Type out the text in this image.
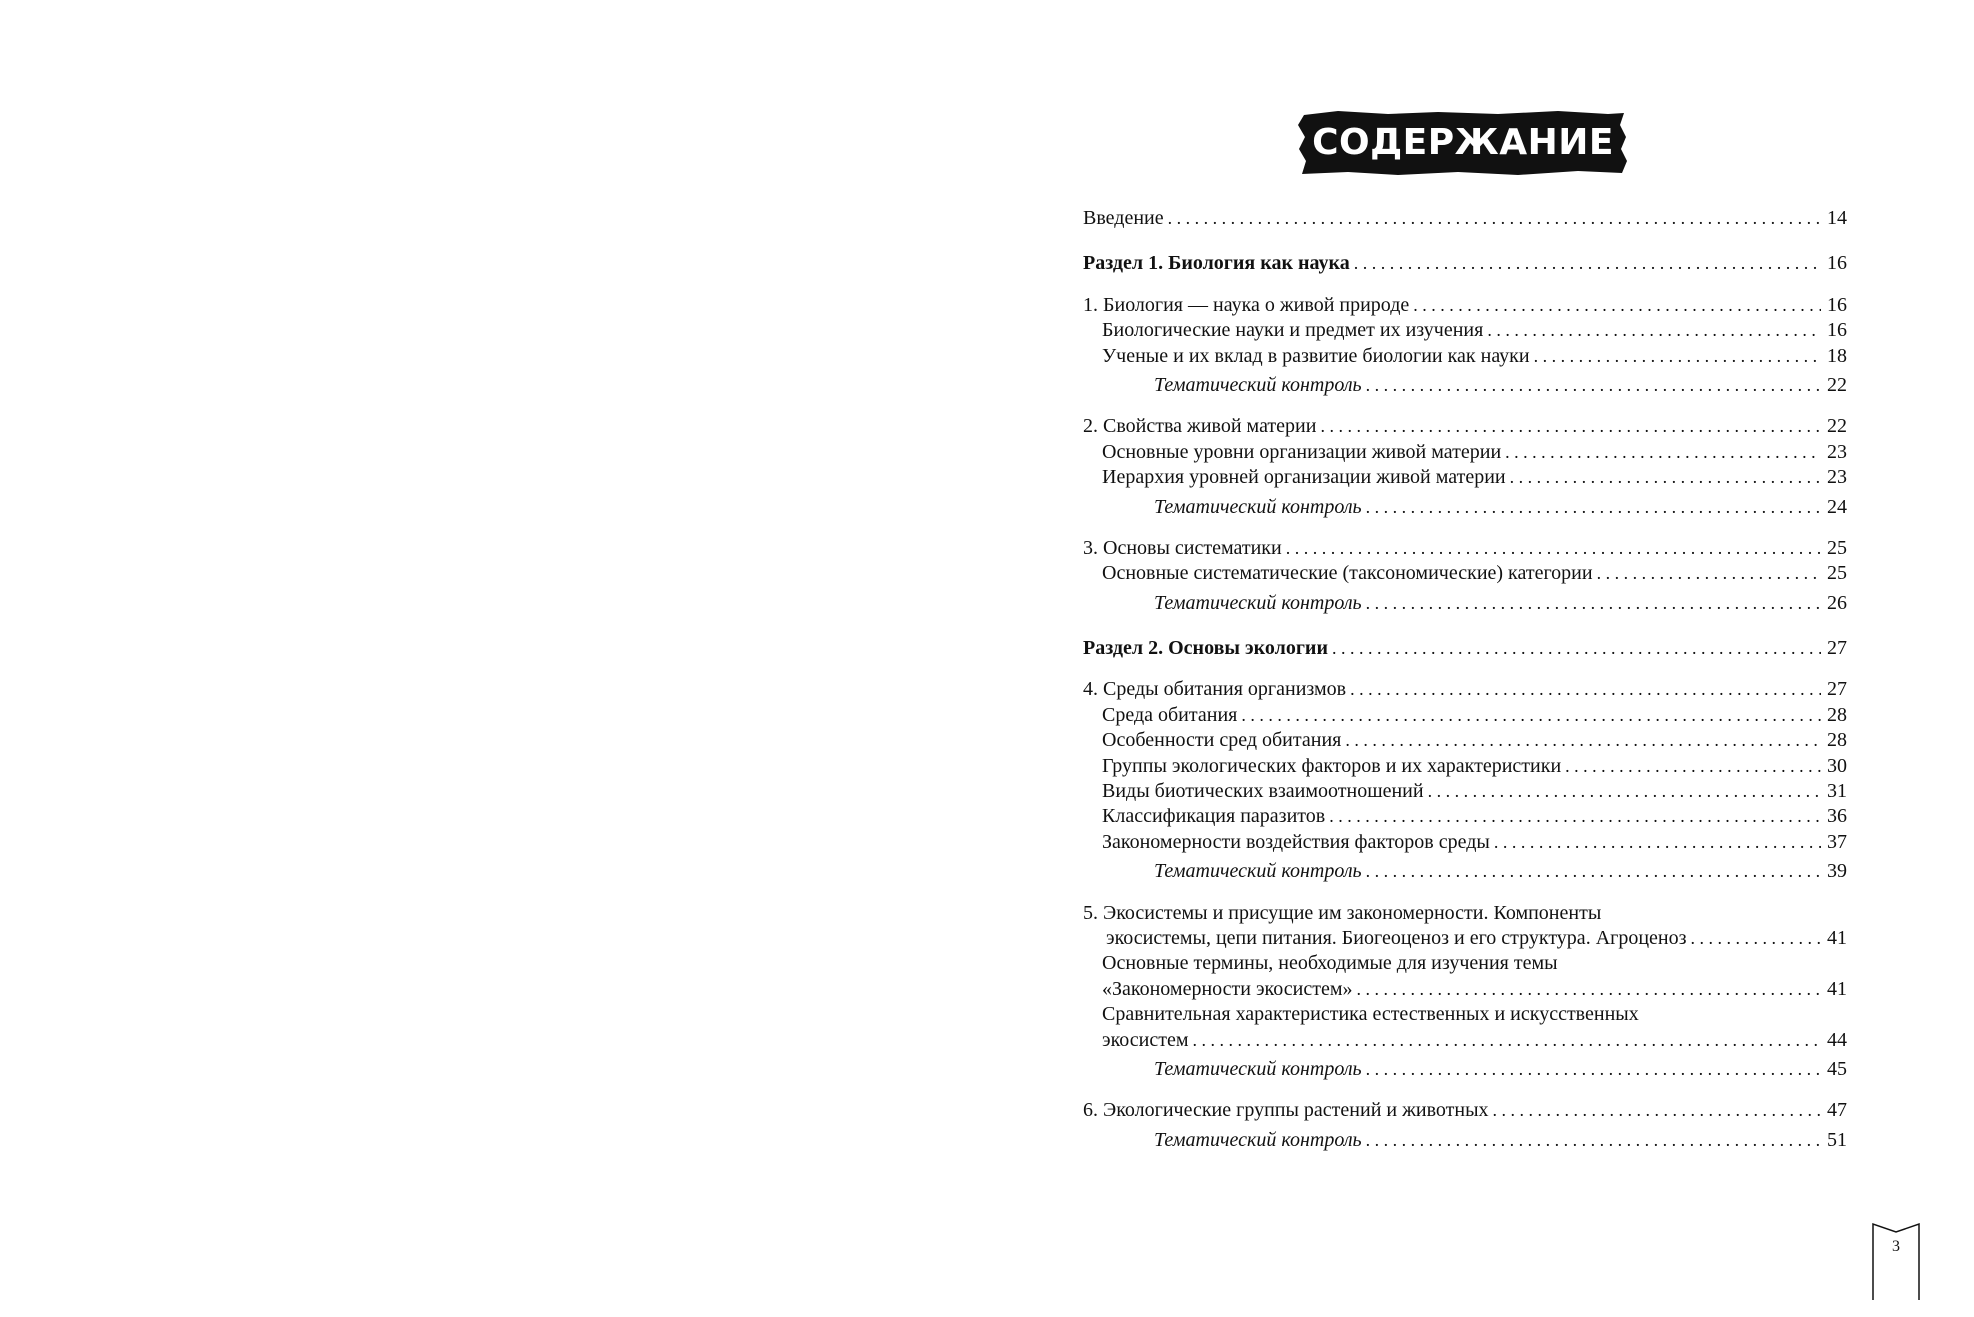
СОДЕРЖАНИЕ
Введение . . .	14
Раздел 1. Биология как наука . . .	16
1. Биология — наука о живой природе . . .	16
Биологические науки и предмет их изучения . . .	16
Ученые и их вклад в развитие биологии как науки . . .	18
Тематический контроль . . .	22
2. Свойства живой материи . . .	22
Основные уровни организации живой материи . . .	23
Иерархия уровней организации живой материи . . .	23
Тематический контроль . . .	24
3. Основы систематики . . .	25
Основные систематические (таксономические) категории . . .	25
Тематический контроль . . .	26
Раздел 2. Основы экологии . . .	27
4. Среды обитания организмов . . .	27
Среда обитания . . .	28
Особенности сред обитания . . .	28
Группы экологических факторов и их характеристики . . .	30
Виды биотических взаимоотношений . . .	31
Классификация паразитов . . .	36
Закономерности воздействия факторов среды . . .	37
Тематический контроль . . .	39
5. Экосистемы и присущие им закономерности. Компоненты
экосистемы, цепи питания. Биогеоценоз и его структура. Агроценоз . . .	41
Основные термины, необходимые для изучения темы
«Закономерности экосистем» . . .	41
Сравнительная характеристика естественных и искусственных
экосистем . . .	44
Тематический контроль . . .	45
6. Экологические группы растений и животных . . .	47
Тематический контроль . . .	51
3
